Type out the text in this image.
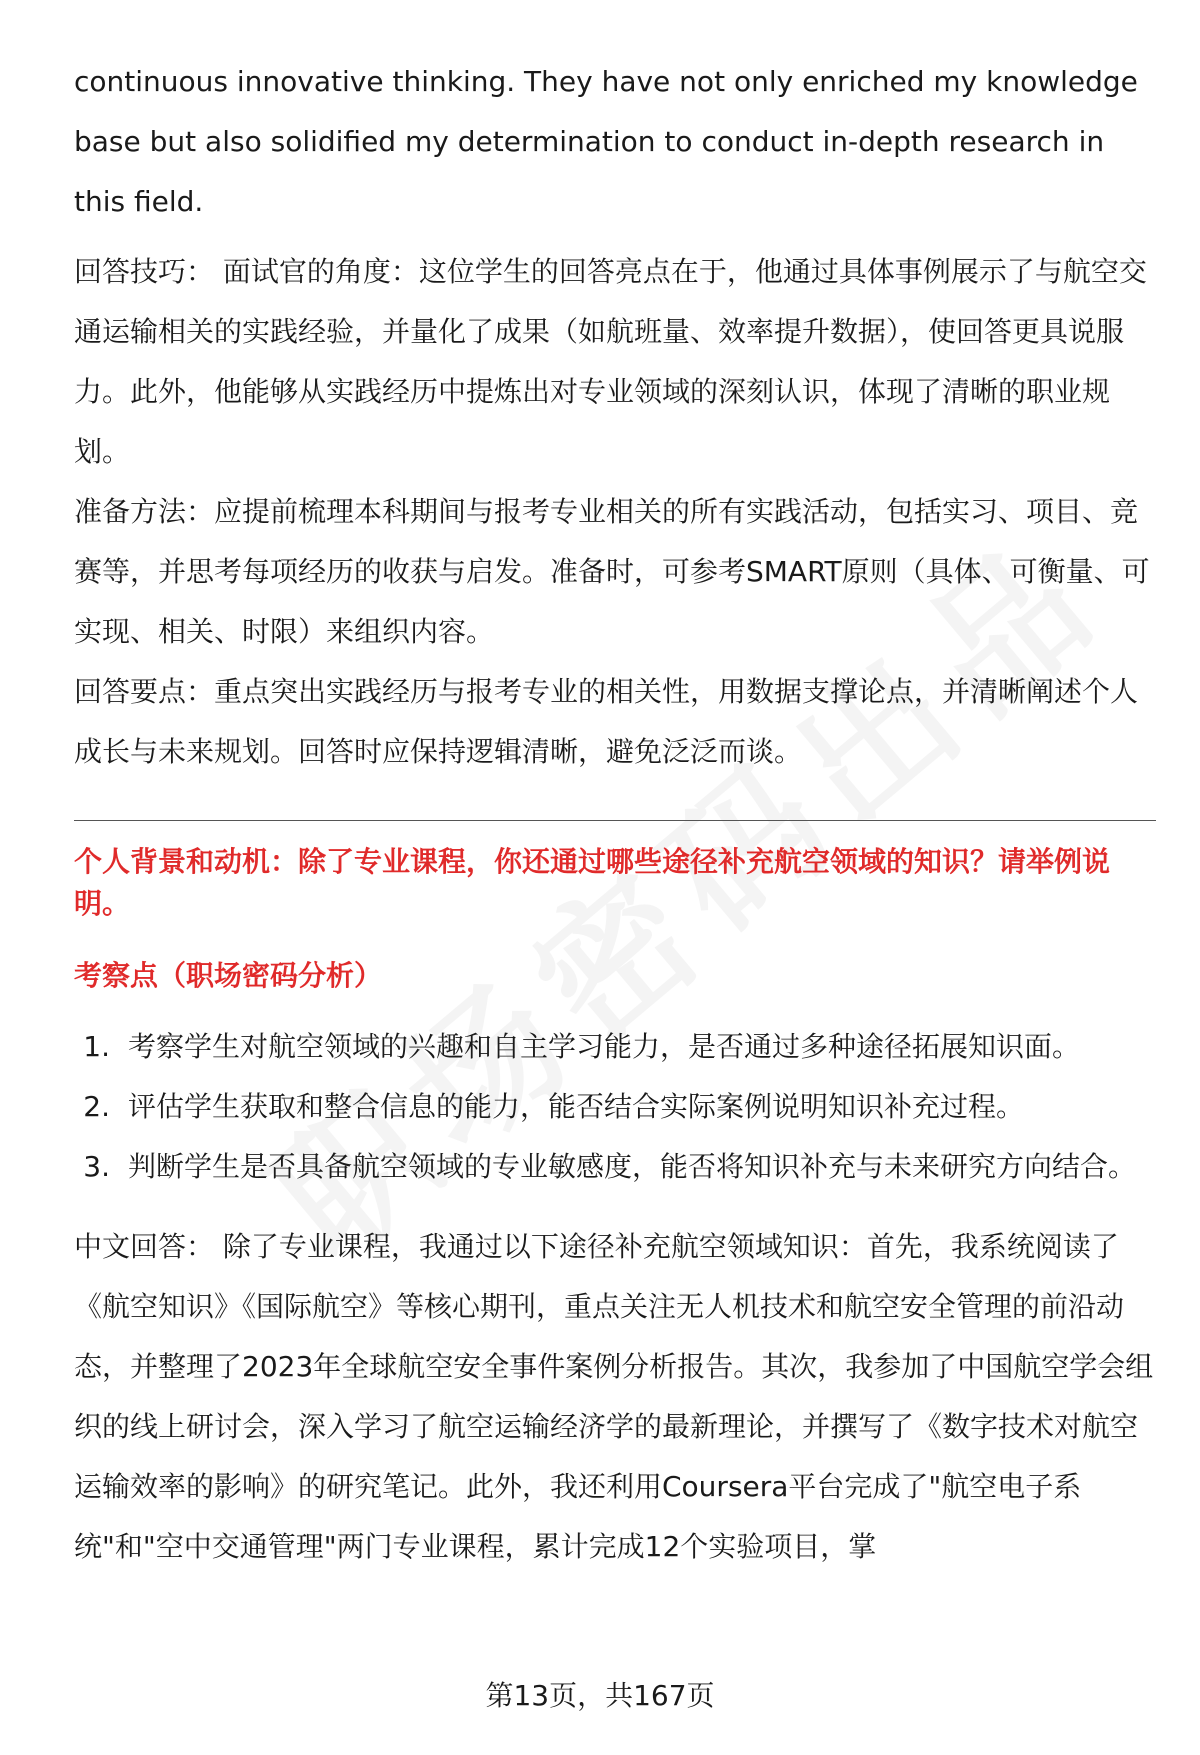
continuous innovative thinking. They have not only enriched my knowledge base but also solidified my determination to conduct in-depth research in this field.

回答技巧： 面试官的角度：这位学生的回答亮点在于，他通过具体事例展示了与航空交通运输相关的实践经验，并量化了成果（如航班量、效率提升数据），使回答更具说服力。此外，他能够从实践经历中提炼出对专业领域的深刻认识，体现了清晰的职业规划。

准备方法：应提前梳理本科期间与报考专业相关的所有实践活动，包括实习、项目、竞赛等，并思考每项经历的收获与启发。准备时，可参考SMART原则（具体、可衡量、可实现、相关、时限）来组织内容。

回答要点：重点突出实践经历与报考专业的相关性，用数据支撑论点，并清晰阐述个人成长与未来规划。回答时应保持逻辑清晰，避免泛泛而谈。

个人背景和动机：除了专业课程，你还通过哪些途径补充航空领域的知识？请举例说明。

考察点（职场密码分析）

1. 考察学生对航空领域的兴趣和自主学习能力，是否通过多种途径拓展知识面。
2. 评估学生获取和整合信息的能力，能否结合实际案例说明知识补充过程。
3. 判断学生是否具备航空领域的专业敏感度，能否将知识补充与未来研究方向结合。

中文回答： 除了专业课程，我通过以下途径补充航空领域知识：首先，我系统阅读了《航空知识》《国际航空》等核心期刊，重点关注无人机技术和航空安全管理的前沿动态，并整理了2023年全球航空安全事件案例分析报告。其次，我参加了中国航空学会组织的线上研讨会，深入学习了航空运输经济学的最新理论，并撰写了《数字技术对航空运输效率的影响》的研究笔记。此外，我还利用Coursera平台完成了"航空电子系统"和"空中交通管理"两门专业课程，累计完成12个实验项目，掌

第13页，共167页
